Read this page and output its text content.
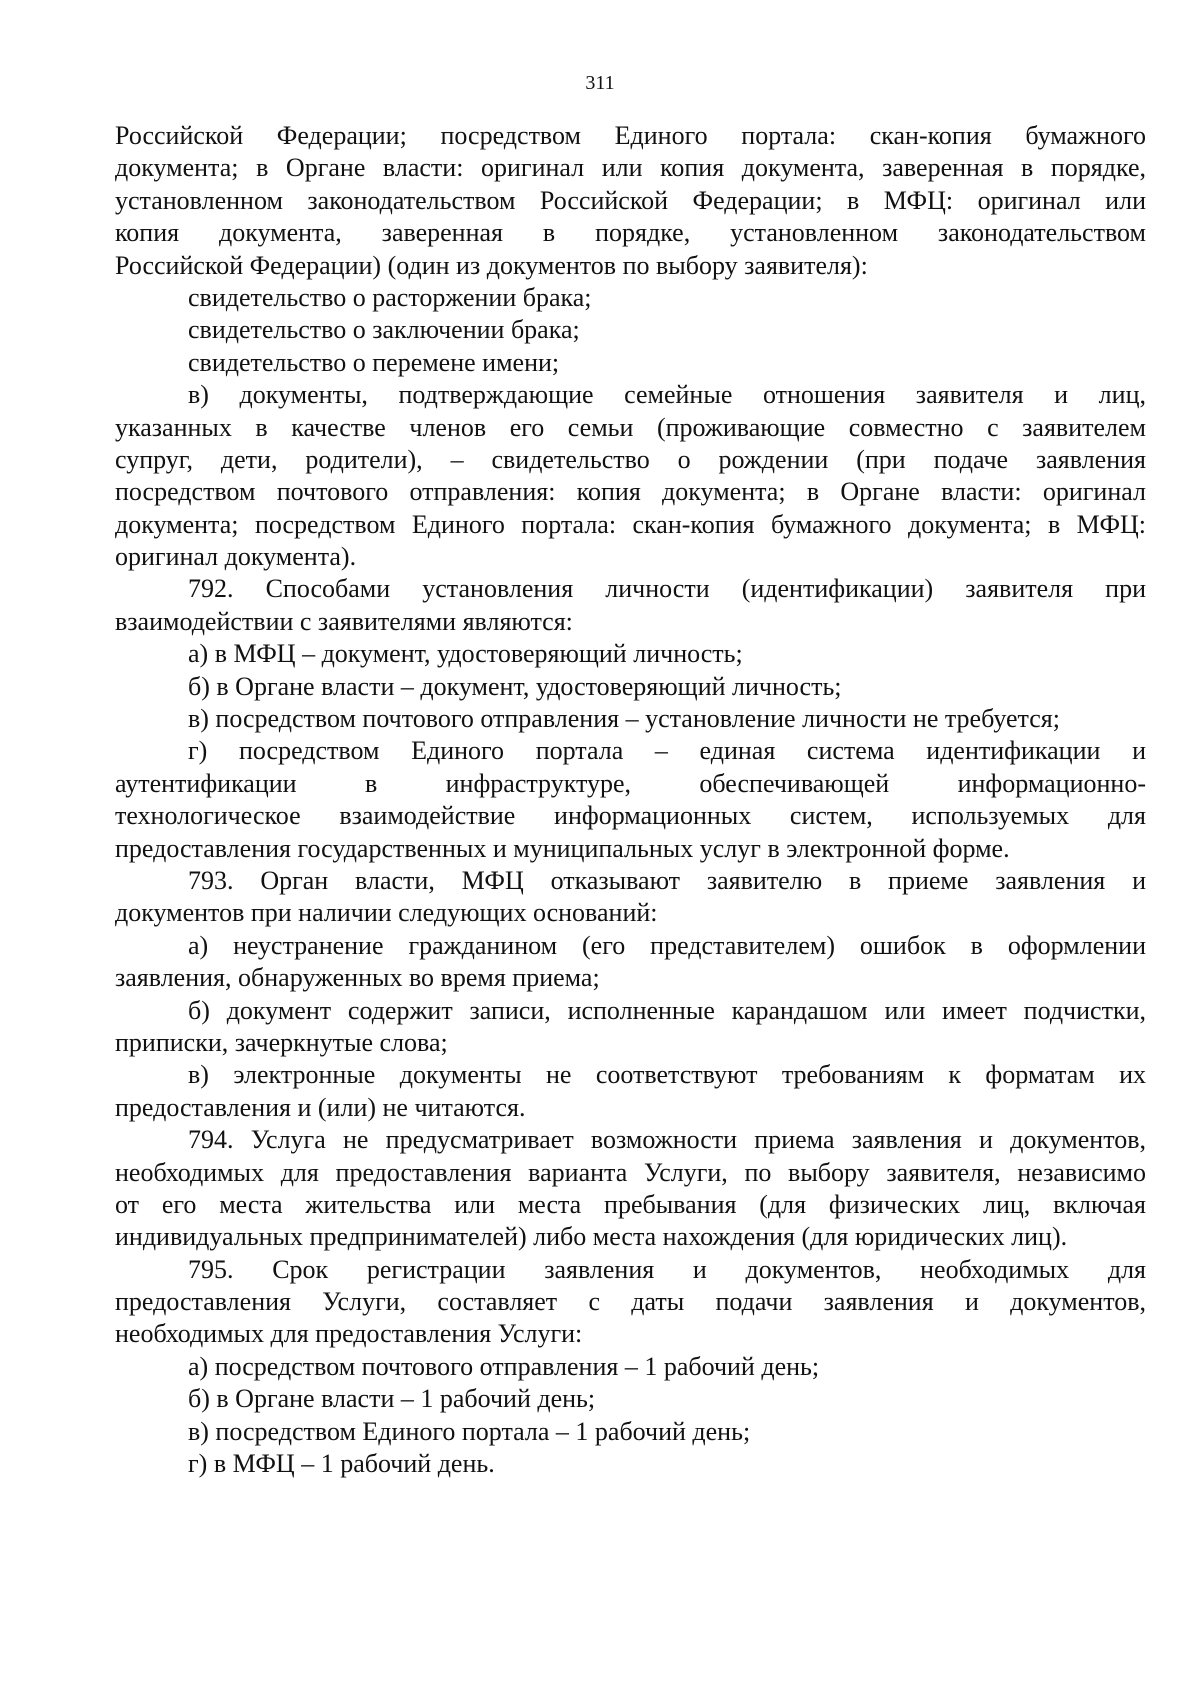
311
Российской Федерации; посредством Единого портала: скан-копия бумажного
документа; в Органе власти: оригинал или копия документа, заверенная в порядке,
установленном законодательством Российской Федерации; в МФЦ: оригинал или
копия документа, заверенная в порядке, установленном законодательством
Российской Федерации) (один из документов по выбору заявителя):
свидетельство о расторжении брака;
свидетельство о заключении брака;
свидетельство о перемене имени;
в) документы, подтверждающие семейные отношения заявителя и лиц,
указанных в качестве членов его семьи (проживающие совместно с заявителем
супруг, дети, родители), – свидетельство о рождении (при подаче заявления
посредством почтового отправления: копия документа; в Органе власти: оригинал
документа; посредством Единого портала: скан-копия бумажного документа; в МФЦ:
оригинал документа).
792. Способами установления личности (идентификации) заявителя при
взаимодействии с заявителями являются:
а) в МФЦ – документ, удостоверяющий личность;
б) в Органе власти – документ, удостоверяющий личность;
в) посредством почтового отправления – установление личности не требуется;
г) посредством Единого портала – единая система идентификации и
аутентификации в инфраструктуре, обеспечивающей информационно-
технологическое взаимодействие информационных систем, используемых для
предоставления государственных и муниципальных услуг в электронной форме.
793. Орган власти, МФЦ отказывают заявителю в приеме заявления и
документов при наличии следующих оснований:
а) неустранение гражданином (его представителем) ошибок в оформлении
заявления, обнаруженных во время приема;
б) документ содержит записи, исполненные карандашом или имеет подчистки,
приписки, зачеркнутые слова;
в) электронные документы не соответствуют требованиям к форматам их
предоставления и (или) не читаются.
794. Услуга не предусматривает возможности приема заявления и документов,
необходимых для предоставления варианта Услуги, по выбору заявителя, независимо
от его места жительства или места пребывания (для физических лиц, включая
индивидуальных предпринимателей) либо места нахождения (для юридических лиц).
795. Срок регистрации заявления и документов, необходимых для
предоставления Услуги, составляет с даты подачи заявления и документов,
необходимых для предоставления Услуги:
а) посредством почтового отправления – 1 рабочий день;
б) в Органе власти – 1 рабочий день;
в) посредством Единого портала – 1 рабочий день;
г) в МФЦ – 1 рабочий день.
